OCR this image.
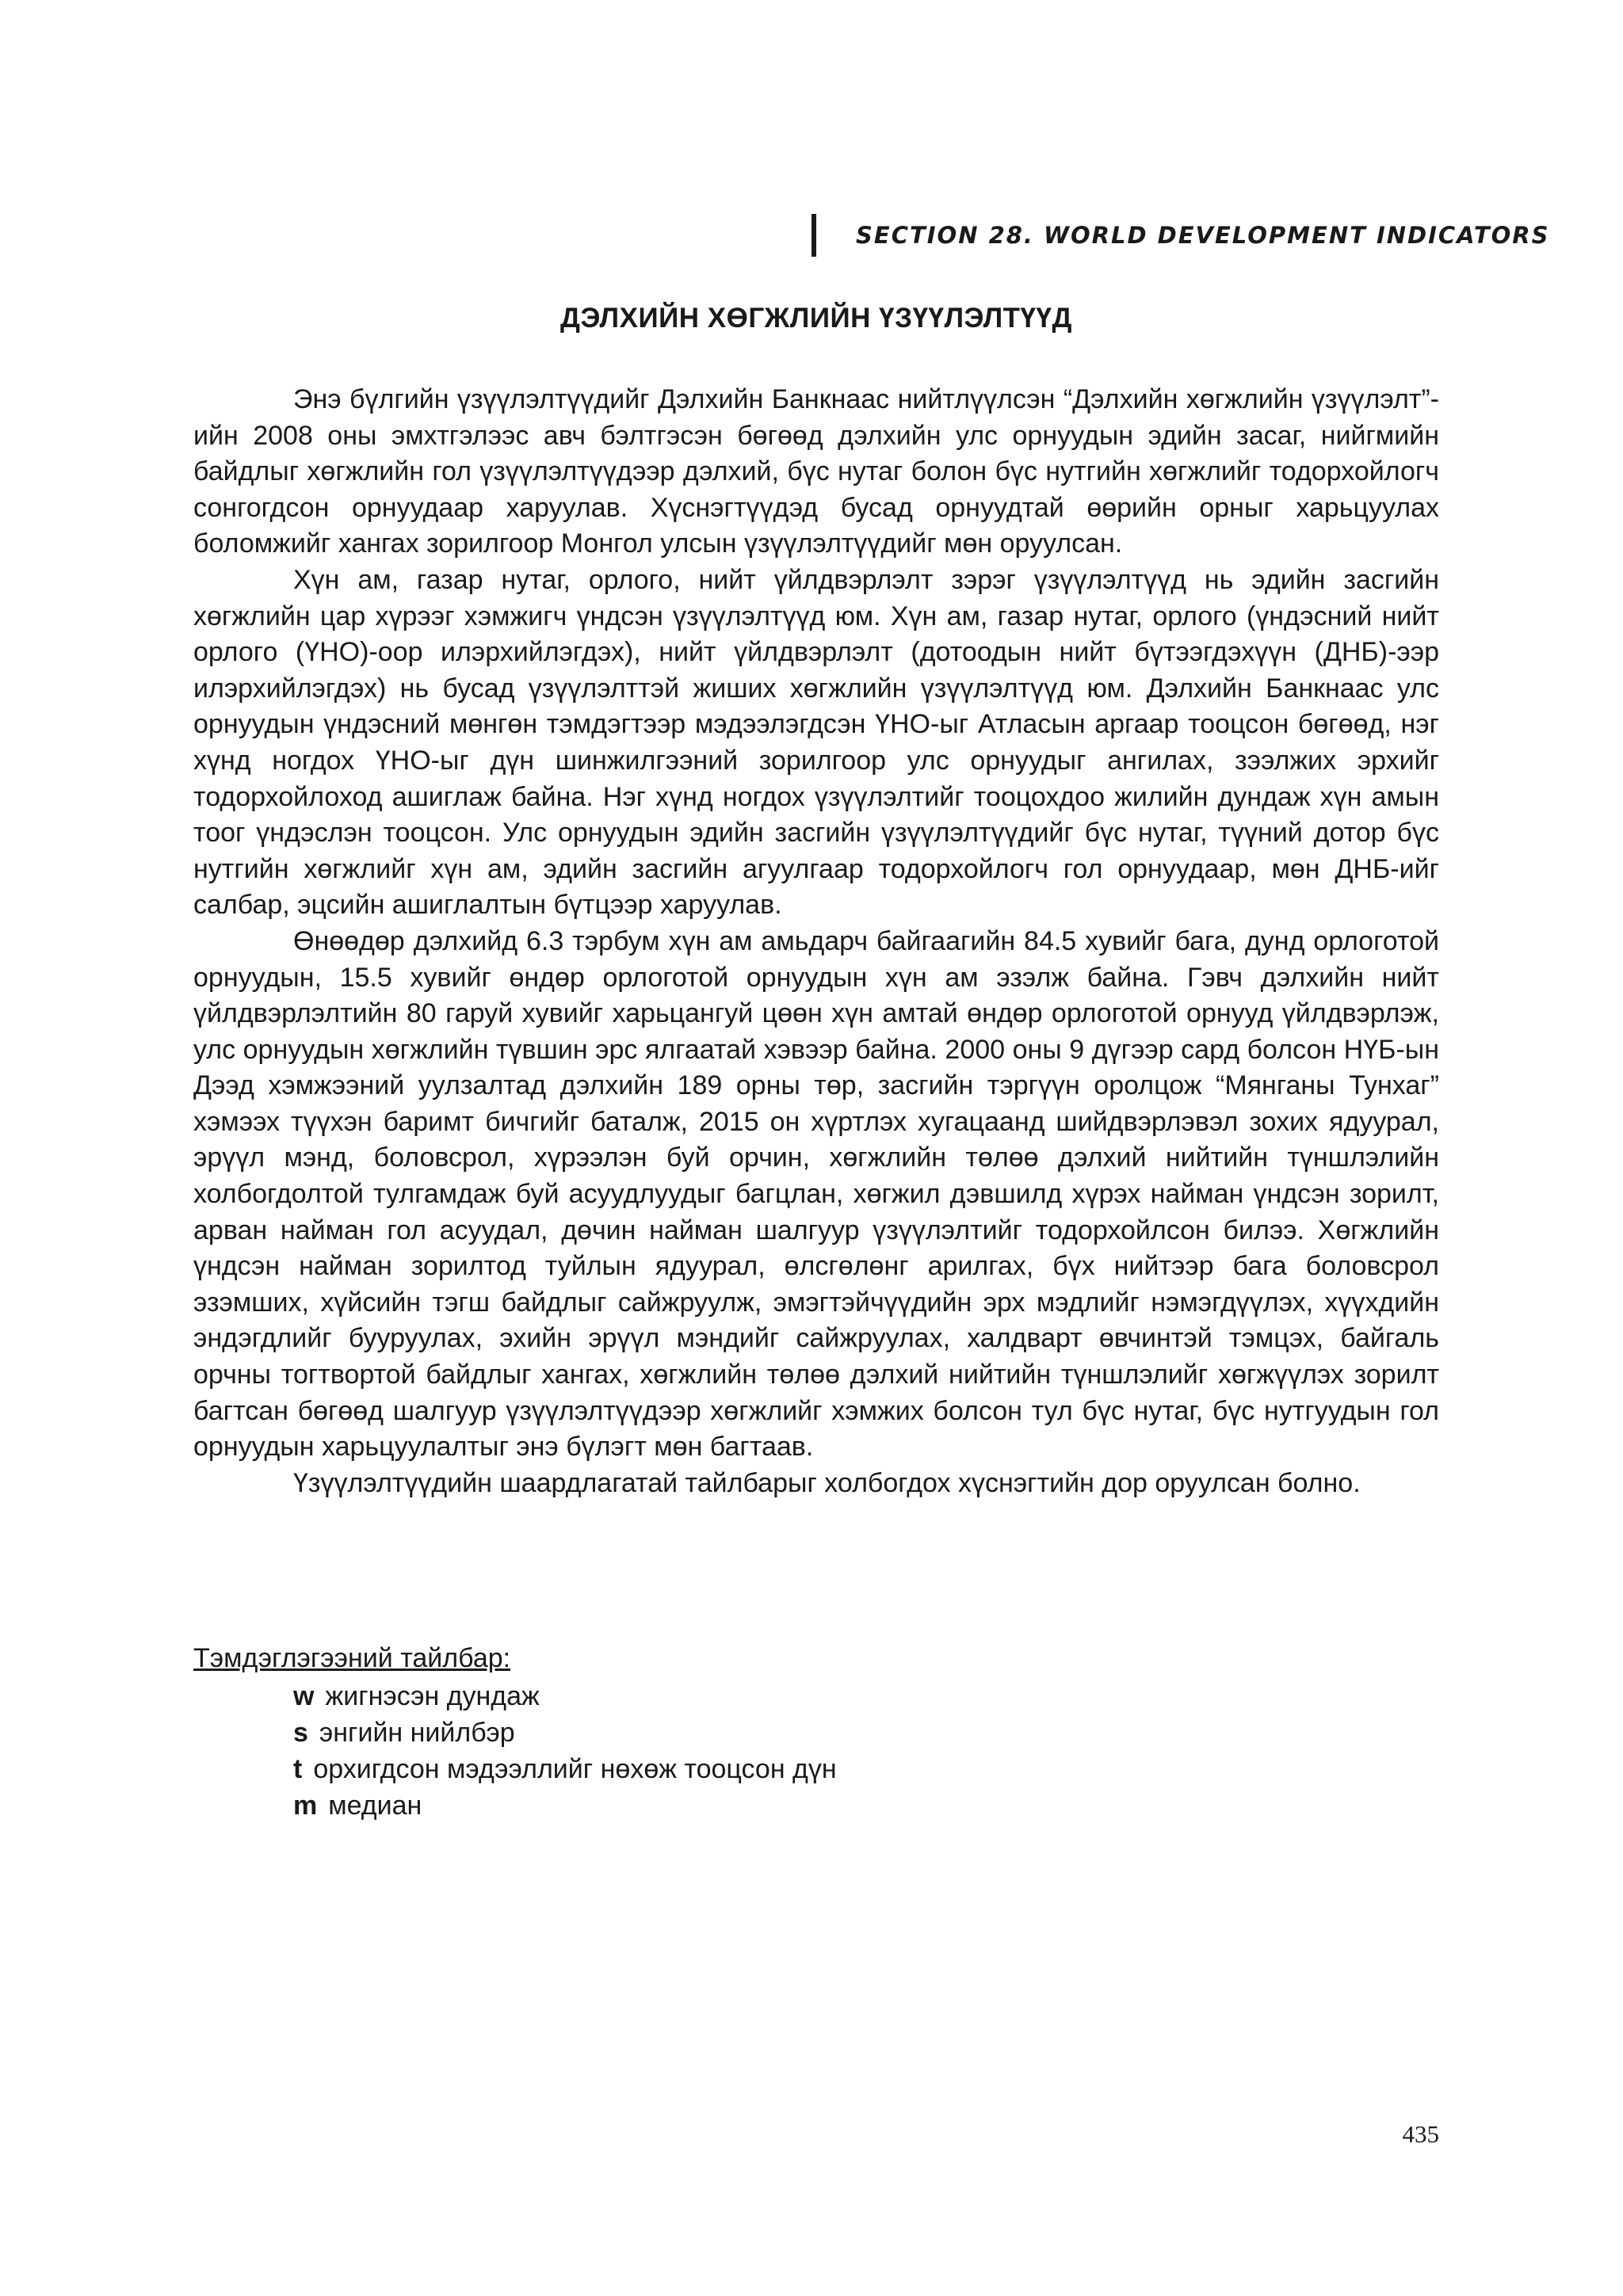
SECTION 28. WORLD DEVELOPMENT INDICATORS
ДЭЛХИЙН ХӨГЖЛИЙН ҮЗҮҮЛЭЛТҮҮД

Энэ бүлгийн үзүүлэлтүүдийг Дэлхийн Банкнаас нийтлүүлсэн “Дэлхийн хөгжлийн үзүүлэлт”-ийн 2008 оны эмхтгэлээс авч бэлтгэсэн бөгөөд дэлхийн улс орнуудын эдийн засаг, нийгмийн байдлыг хөгжлийн гол үзүүлэлтүүдээр дэлхий, бүс нутаг болон бүс нутгийн хөгжлийг тодорхойлогч сонгогдсон орнуудаар харуулав. Хүснэгтүүдэд бусад орнуудтай өөрийн орныг харьцуулах боломжийг хангах зорилгоор Монгол улсын үзүүлэлтүүдийг мөн оруулсан.

Хүн ам, газар нутаг, орлого, нийт үйлдвэрлэлт зэрэг үзүүлэлтүүд нь эдийн засгийн хөгжлийн цар хүрээг хэмжигч үндсэн үзүүлэлтүүд юм. Хүн ам, газар нутаг, орлого (үндэсний нийт орлого (ҮНО)-оор илэрхийлэгдэх), нийт үйлдвэрлэлт (дотоодын нийт бүтээгдэхүүн (ДНБ)-ээр илэрхийлэгдэх) нь бусад үзүүлэлттэй жиших хөгжлийн үзүүлэлтүүд юм. Дэлхийн Банкнаас улс орнуудын үндэсний мөнгөн тэмдэгтээр мэдээлэгдсэн ҮНО-ыг Атласын аргаар тооцсон бөгөөд, нэг хүнд ногдох ҮНО-ыг дүн шинжилгээний зорилгоор улс орнуудыг ангилах, зээлжих эрхийг тодорхойлоход ашиглаж байна. Нэг хүнд ногдох үзүүлэлтийг тооцохдоо жилийн дундаж хүн амын тоог үндэслэн тооцсон. Улс орнуудын эдийн засгийн үзүүлэлтүүдийг бүс нутаг, түүний дотор бүс нутгийн хөгжлийг хүн ам, эдийн засгийн агуулгаар тодорхойлогч гол орнуудаар, мөн ДНБ-ийг салбар, эцсийн ашиглалтын бүтцээр харуулав.

Өнөөдөр дэлхийд 6.3 тэрбум хүн ам амьдарч байгаагийн 84.5 хувийг бага, дунд орлоготой орнуудын, 15.5 хувийг өндөр орлоготой орнуудын хүн ам эзэлж байна. Гэвч дэлхийн нийт үйлдвэрлэлтийн 80 гаруй хувийг харьцангуй цөөн хүн амтай өндөр орлоготой орнууд үйлдвэрлэж, улс орнуудын хөгжлийн түвшин эрс ялгаатай хэвээр байна. 2000 оны 9 дүгээр сард болсон НҮБ-ын Дээд хэмжээний уулзалтад дэлхийн 189 орны төр, засгийн тэргүүн оролцож “Мянганы Тунхаг” хэмээх түүхэн баримт бичгийг баталж, 2015 он хүртлэх хугацаанд шийдвэрлэвэл зохих ядуурал, эрүүл мэнд, боловсрол, хүрээлэн буй орчин, хөгжлийн төлөө дэлхий нийтийн түншлэлийн холбогдолтой тулгамдаж буй асуудлуудыг багцлан, хөгжил дэвшилд хүрэх найман үндсэн зорилт, арван найман гол асуудал, дөчин найман шалгуур үзүүлэлтийг тодорхойлсон билээ. Хөгжлийн үндсэн найман зорилтод туйлын ядуурал, өлсгөлөнг арилгах, бүх нийтээр бага боловсрол эзэмших, хүйсийн тэгш байдлыг сайжруулж, эмэгтэйчүүдийн эрх мэдлийг нэмэгдүүлэх, хүүхдийн эндэгдлийг бууруулах, эхийн эрүүл мэндийг сайжруулах, халдварт өвчинтэй тэмцэх, байгаль орчны тогтвортой байдлыг хангах, хөгжлийн төлөө дэлхий нийтийн түншлэлийг хөгжүүлэх зорилт багтсан бөгөөд шалгуур үзүүлэлтүүдээр хөгжлийг хэмжих болсон тул бүс нутаг, бүс нутгуудын гол орнуудын харьцуулалтыг энэ бүлэгт мөн багтаав.

Үзүүлэлтүүдийн шаардлагатай тайлбарыг холбогдох хүснэгтийн дор оруулсан болно.

Тэмдэглэгээний тайлбар:
w жигнэсэн дундаж
s энгийн нийлбэр
t орхигдсон мэдээллийг нөхөж тооцсон дүн
m медиан
435
